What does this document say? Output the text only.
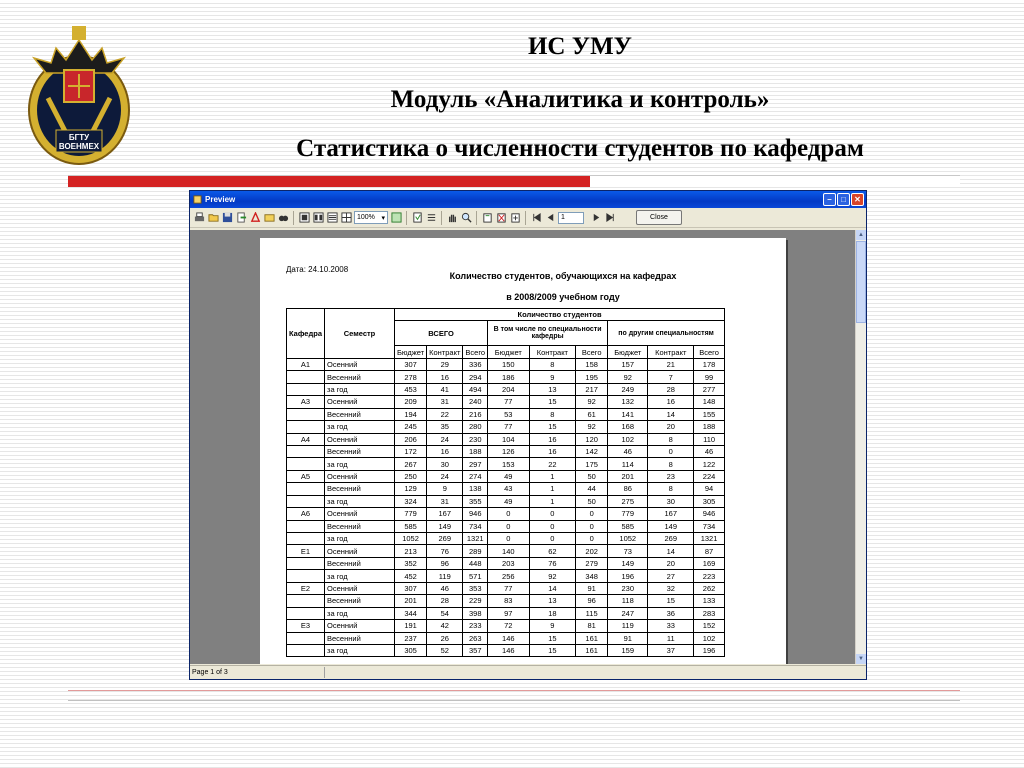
БГТУ
ВОЕНМЕХ
ИС УМУ
Модуль «Аналитика и контроль»
Статистика о численности студентов по кафедрам
Preview	–	□	✕
100% ▾	1	Close
Дата: 24.10.2008
Количество студентов, обучающихся на кафедрах
в 2008/2009 учебном году
Кафедра	Семестр	Количество студентов								
		ВСЕГО			В том числе по специальности кафедры			по другим специальностям		
		Бюджет	Контракт	Всего	Бюджет	Контракт	Всего	Бюджет	Контракт	Всего
А1	Осенний	307	29	336	150	8	158	157	21	178
	Весенний	278	16	294	186	9	195	92	7	99
	за год	453	41	494	204	13	217	249	28	277
А3	Осенний	209	31	240	77	15	92	132	16	148
	Весенний	194	22	216	53	8	61	141	14	155
	за год	245	35	280	77	15	92	168	20	188
А4	Осенний	206	24	230	104	16	120	102	8	110
	Весенний	172	16	188	126	16	142	46	0	46
	за год	267	30	297	153	22	175	114	8	122
А5	Осенний	250	24	274	49	1	50	201	23	224
	Весенний	129	9	138	43	1	44	86	8	94
	за год	324	31	355	49	1	50	275	30	305
А6	Осенний	779	167	946	0	0	0	779	167	946
	Весенний	585	149	734	0	0	0	585	149	734
	за год	1052	269	1321	0	0	0	1052	269	1321
Е1	Осенний	213	76	289	140	62	202	73	14	87
	Весенний	352	96	448	203	76	279	149	20	169
	за год	452	119	571	256	92	348	196	27	223
Е2	Осенний	307	46	353	77	14	91	230	32	262
	Весенний	201	28	229	83	13	96	118	15	133
	за год	344	54	398	97	18	115	247	36	283
Е3	Осенний	191	42	233	72	9	81	119	33	152
	Весенний	237	26	263	146	15	161	91	11	102
	за год	305	52	357	146	15	161	159	37	196
▲
▼
Page 1 of 3
